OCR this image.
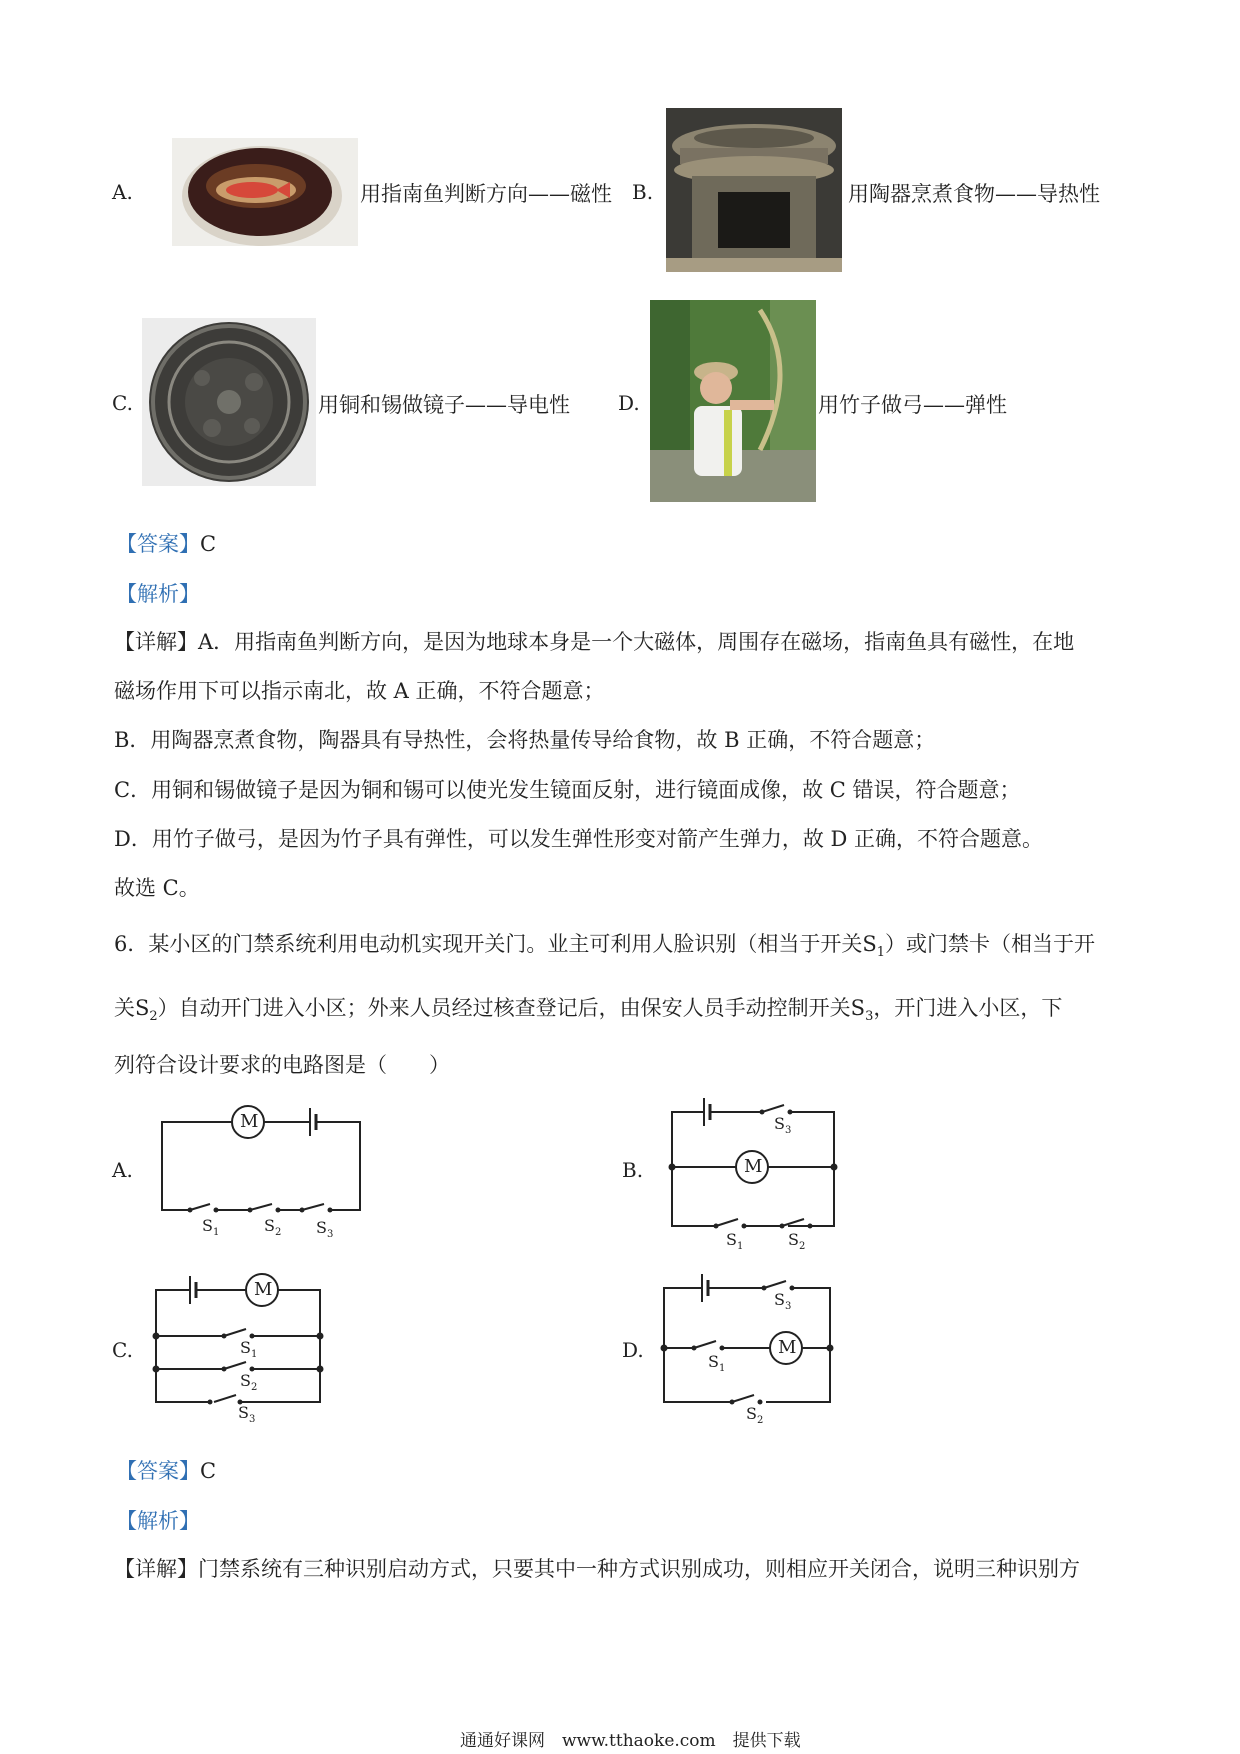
A.	用指南鱼判断方向——磁性 B.	用陶器烹煮食物——导热性
C.	用铜和锡做镜子——导电性 D.	用竹子做弓——弹性
【答案】C
【解析】
【详解】A．用指南鱼判断方向，是因为地球本身是一个大磁体，周围存在磁场，指南鱼具有磁性，在地
磁场作用下可以指示南北，故 A 正确，不符合题意；
B．用陶器烹煮食物，陶器具有导热性，会将热量传导给食物，故 B 正确，不符合题意；
C．用铜和锡做镜子是因为铜和锡可以使光发生镜面反射，进行镜面成像，故 C 错误，符合题意；
D．用竹子做弓，是因为竹子具有弹性，可以发生弹性形变对箭产生弹力，故 D 正确，不符合题意。
故选 C。
6．某小区的门禁系统利用电动机实现开关门。业主可利用人脸识别（相当于开关$S_1$）或门禁卡（相当于开
关$S_2$）自动开门进入小区；外来人员经过核查登记后，由保安人员手动控制开关$S_3$，开门进入小区，下
列符合设计要求的电路图是（　　）
A.
M
$S_1$	$S_2$ $S_3$
B.	M
$S_3$
$S_1$	$S_2$
C.
M
$S_1$
$S_2$
$S_3$
D.	M
$S_3$
$S_1$
$S_2$
【答案】C
【解析】
【详解】门禁系统有三种识别启动方式，只要其中一种方式识别成功，则相应开关闭合，说明三种识别方
通通好课网　www.tthaoke.com　提供下载
